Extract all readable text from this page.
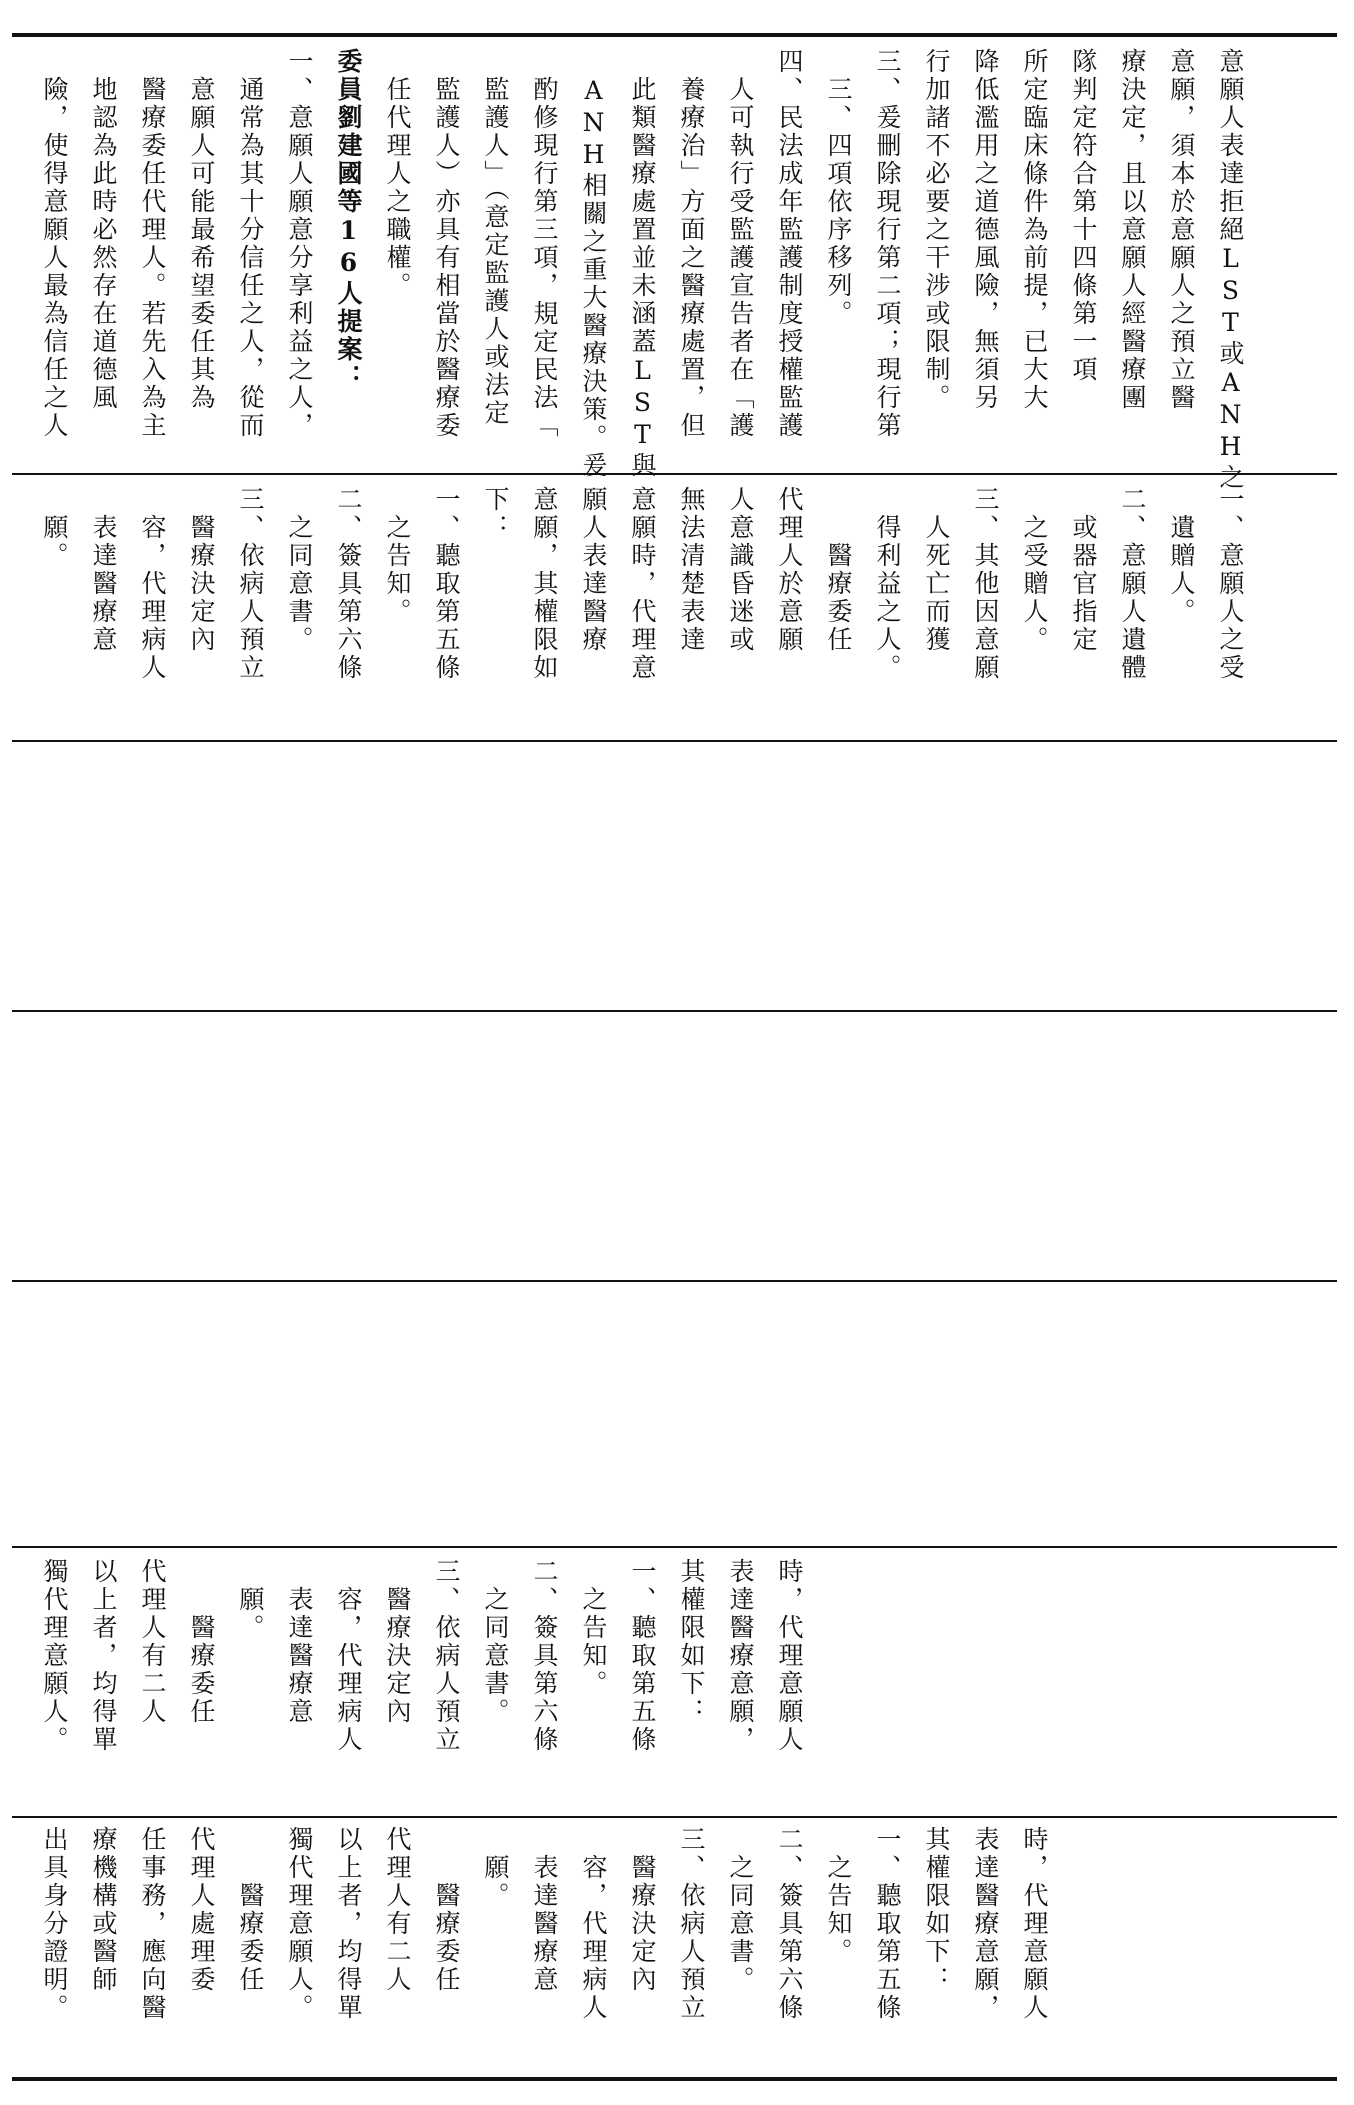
意願人表達拒絕LST或ANH之
意願，須本於意願人之預立醫
療決定，且以意願人經醫療團
隊判定符合第十四條第一項
所定臨床條件為前提，已大大
降低濫用之道德風險，無須另
行加諸不必要之干涉或限制。
三、爰刪除現行第二項；現行第
　三、四項依序移列。
四、民法成年監護制度授權監護
　人可執行受監護宣告者在「護
　養療治」方面之醫療處置，但
　此類醫療處置並未涵蓋LST與
　ANH相關之重大醫療決策。爰
　酌修現行第三項，規定民法「
　監護人」（意定監護人或法定
　監護人）亦具有相當於醫療委
　任代理人之職權。
委員劉建國等16人提案：
一、意願人願意分享利益之人，
　通常為其十分信任之人，從而
　意願人可能最希望委任其為
　醫療委任代理人。若先入為主
　地認為此時必然存在道德風
　險，使得意願人最為信任之人
一、意願人之受
　遺贈人。
二、意願人遺體
　或器官指定
　之受贈人。
三、其他因意願
　人死亡而獲
　得利益之人。
　　醫療委任
代理人於意願
人意識昏迷或
無法清楚表達
意願時，代理意
願人表達醫療
意願，其權限如
下：
一、聽取第五條
　之告知。
二、簽具第六條
　之同意書。
三、依病人預立
　醫療決定內
　容，代理病人
　表達醫療意
　願。
時，代理意願人
表達醫療意願，
其權限如下：
一、聽取第五條
　之告知。
二、簽具第六條
　之同意書。
三、依病人預立
　醫療決定內
　容，代理病人
　表達醫療意
　願。
　　醫療委任
代理人有二人
以上者，均得單
獨代理意願人。
時，代理意願人
表達醫療意願，
其權限如下：
一、聽取第五條
　之告知。
二、簽具第六條
　之同意書。
三、依病人預立
　醫療決定內
　容，代理病人
　表達醫療意
　願。
　　醫療委任
代理人有二人
以上者，均得單
獨代理意願人。
　　醫療委任
代理人處理委
任事務，應向醫
療機構或醫師
出具身分證明。
